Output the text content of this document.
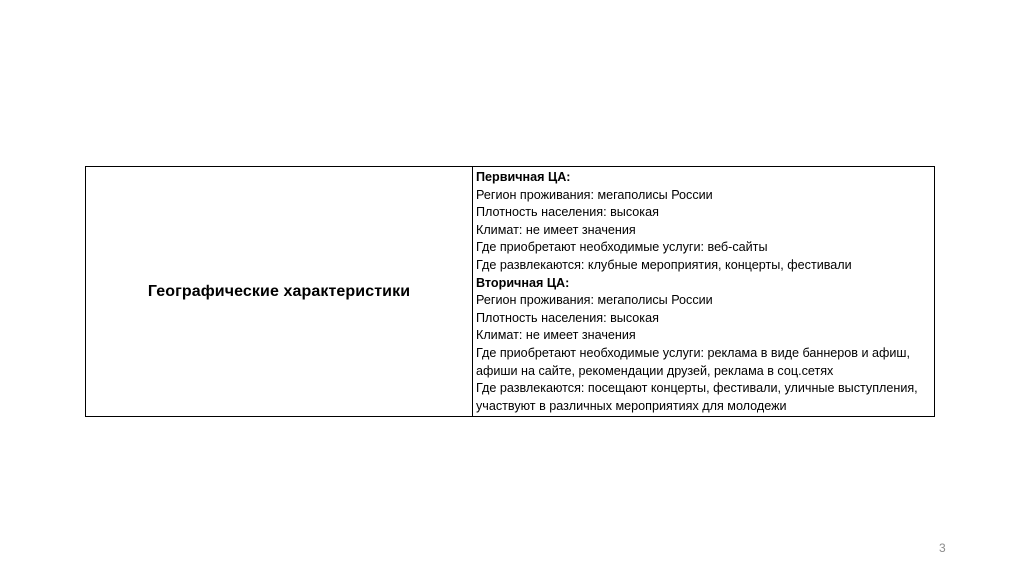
Географические характеристики	
Первичная ЦА:
Регион проживания: мегаполисы России
Плотность населения: высокая
Климат: не имеет значения
Где приобретают необходимые услуги: веб-сайты
Где развлекаются: клубные мероприятия, концерты, фестивали
Вторичная ЦА:
Регион проживания: мегаполисы России
Плотность населения: высокая
Климат: не имеет значения
Где приобретают необходимые услуги: реклама в виде баннеров и афиш,
афиши на сайте, рекомендации друзей, реклама в соц.сетях
Где развлекаются: посещают концерты, фестивали, уличные выступления,
участвуют в различных мероприятиях для молодежи
3
